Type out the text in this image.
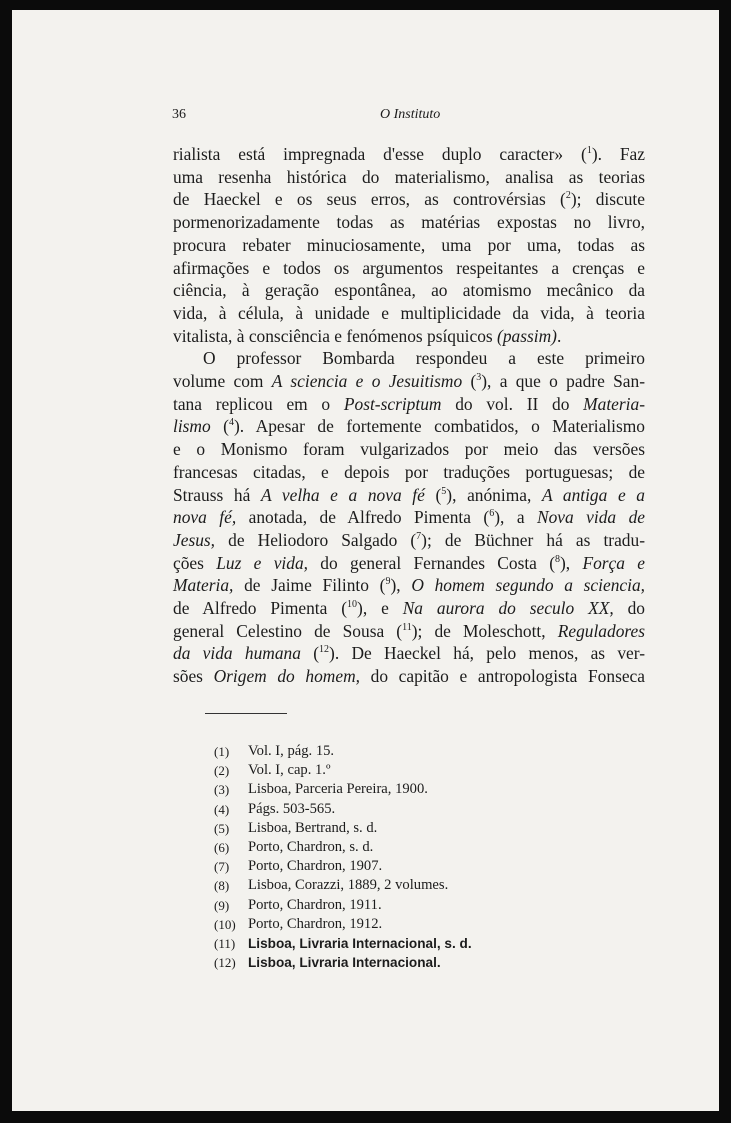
36	O Instituto
rialista está impregnada d'esse duplo caracter» ($^1$). Faz
uma resenha histórica do materialismo, analisa as teorias
de Haeckel e os seus erros, as controvérsias ($^2$); discute
pormenorizadamente todas as matérias expostas no livro,
procura rebater minuciosamente, uma por uma, todas as
afirmações e todos os argumentos respeitantes a crenças e
ciência, à geração espontânea, ao atomismo mecânico da
vida, à célula, à unidade e multiplicidade da vida, à teoria
vitalista, à consciência e fenómenos psíquicos (passim).
O professor Bombarda respondeu a este primeiro
volume com A sciencia e o Jesuitismo ($^3$), a que o padre San-
tana replicou em o Post-scriptum do vol. II do Materia-
lismo ($^4$). Apesar de fortemente combatidos, o Materialismo
e o Monismo foram vulgarizados por meio das versões
francesas citadas, e depois por traduções portuguesas; de
Strauss há A velha e a nova fé ($^5$), anónima, A antiga e a
nova fé, anotada, de Alfredo Pimenta ($^6$), a Nova vida de
Jesus, de Heliodoro Salgado ($^7$); de Büchner há as tradu-
ções Luz e vida, do general Fernandes Costa ($^8$), Força e
Materia, de Jaime Filinto ($^9$), O homem segundo a sciencia,
de Alfredo Pimenta ($^{10}$), e Na aurora do seculo XX, do
general Celestino de Sousa ($^{11}$); de Moleschott, Reguladores
da vida humana ($^{12}$). De Haeckel há, pelo menos, as ver-
sões Origem do homem, do capitão e antropologista Fonseca
(1)	Vol. I, pág. 15.
(2)	Vol. I, cap. 1.º
(3)	Lisboa, Parceria Pereira, 1900.
(4)	Págs. 503-565.
(5)	Lisboa, Bertrand, s. d.
(6)	Porto, Chardron, s. d.
(7)	Porto, Chardron, 1907.
(8)	Lisboa, Corazzi, 1889, 2 volumes.
(9)	Porto, Chardron, 1911.
(10) Porto, Chardron, 1912.
(11) Lisboa, Livraria Internacional, s. d.
(12) Lisboa, Livraria Internacional.
